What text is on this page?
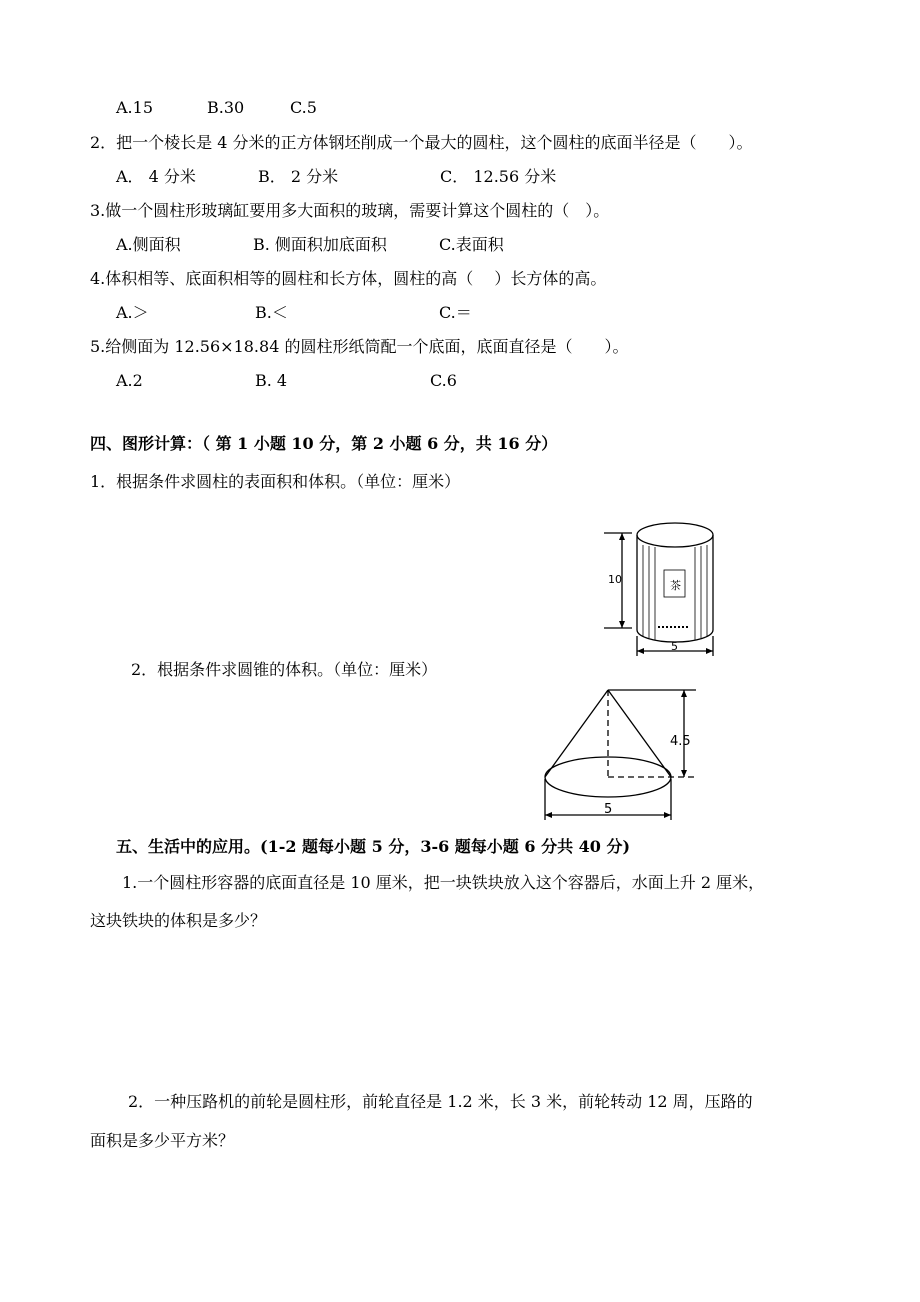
A.15	B.30	C.5
2．把一个棱长是 4 分米的正方体钢坯削成一个最大的圆柱，这个圆柱的底面半径是（　　）。
A． 4 分米	B． 2 分米	C． 12.56 分米
3.做一个圆柱形玻璃缸要用多大面积的玻璃，需要计算这个圆柱的（　）。
A.侧面积	B. 侧面积加底面积	C.表面积
4.体积相等、底面积相等的圆柱和长方体，圆柱的高（　 ）长方体的高。
A.＞	B.＜	C.＝
5.给侧面为 12.56×18.84 的圆柱形纸筒配一个底面，底面直径是（　　）。
A.2	B. 4	C.6
四、图形计算：（ 第 1 小题 10 分，第 2 小题 6 分，共 16 分）
1．根据条件求圆柱的表面积和体积。（单位：厘米）
10	茶
5
2．根据条件求圆锥的体积。（单位：厘米）
4.5
5
五、生活中的应用。(1-2 题每小题 5 分，3-6 题每小题 6 分共 40 分)
1.一个圆柱形容器的底面直径是 10 厘米，把一块铁块放入这个容器后，水面上升 2 厘米，
这块铁块的体积是多少？
2．一种压路机的前轮是圆柱形，前轮直径是 1.2 米，长 3 米，前轮转动 12 周，压路的
面积是多少平方米？
